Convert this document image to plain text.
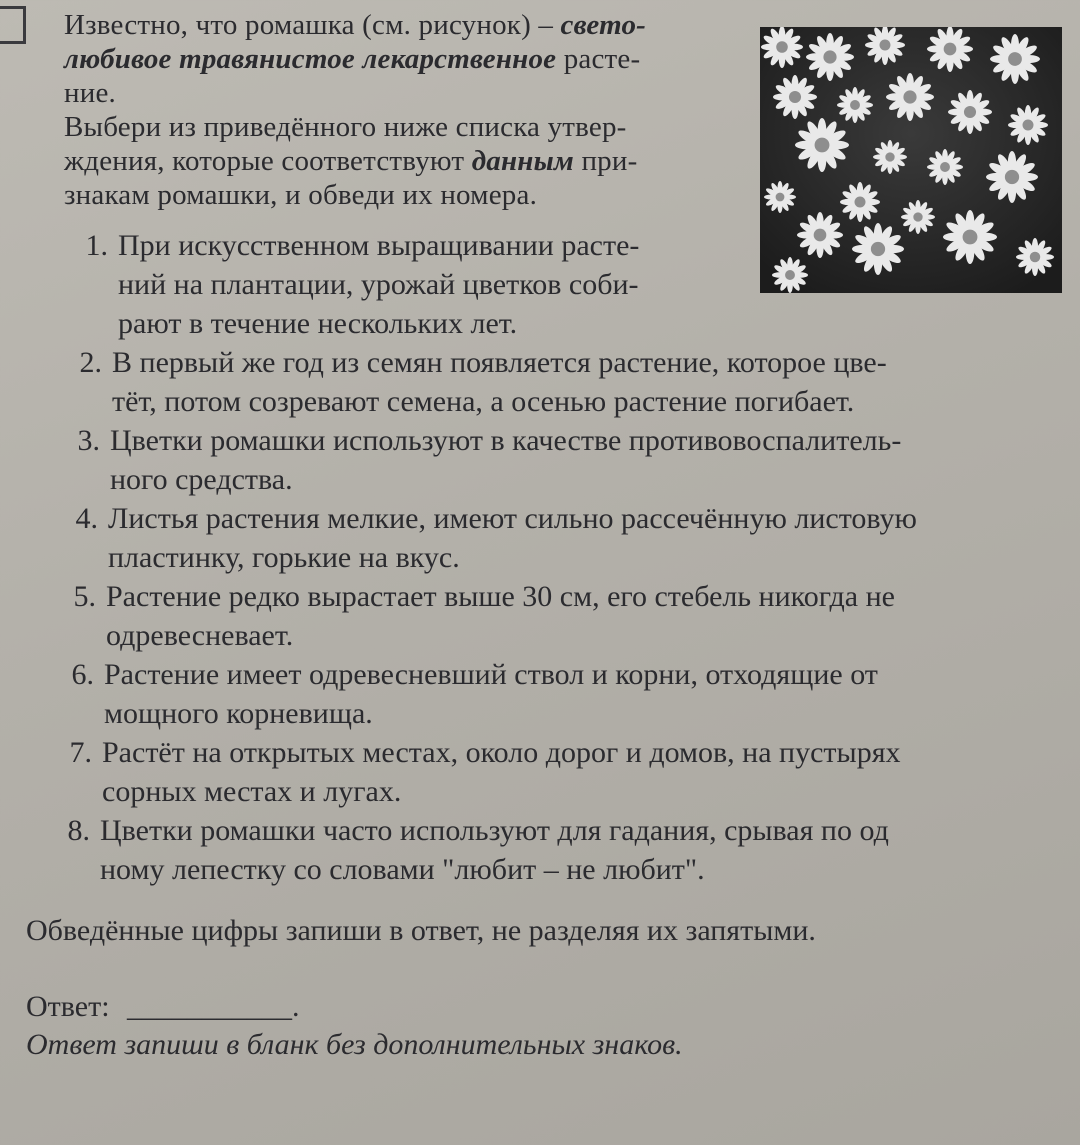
Известно, что ромашка (см. рисунок) – свето-

любивое травянистое лекарственное расте-

ние.

Выбери из приведённого ниже списка утвер-

ждения, которые соответствуют данным при-

знакам ромашки, и обведи их номера.

1. При искусственном выращивании расте-
ний на плантации, урожай цветков соби-
рают в течение нескольких лет.
2. В первый же год из семян появляется растение, которое цве-
тёт, потом созревают семена, а осенью растение погибает.
3. Цветки ромашки используют в качестве противовоспалитель-
ного средства.
4. Листья растения мелкие, имеют сильно рассечённую листовую
пластинку, горькие на вкус.
5. Растение редко вырастает выше 30 см, его стебель никогда не
одревесневает.
6. Растение имеет одревесневший ствол и корни, отходящие от
мощного корневища.
7. Растёт на открытых местах, около дорог и домов, на пустырях
сорных местах и лугах.
8. Цветки ромашки часто используют для гадания, срывая по од
ному лепестку со словами "любит – не любит".
Обведённые цифры запиши в ответ, не разделяя их запятыми.
Ответ: ___________.
Ответ запиши в бланк без дополнительных знаков.
